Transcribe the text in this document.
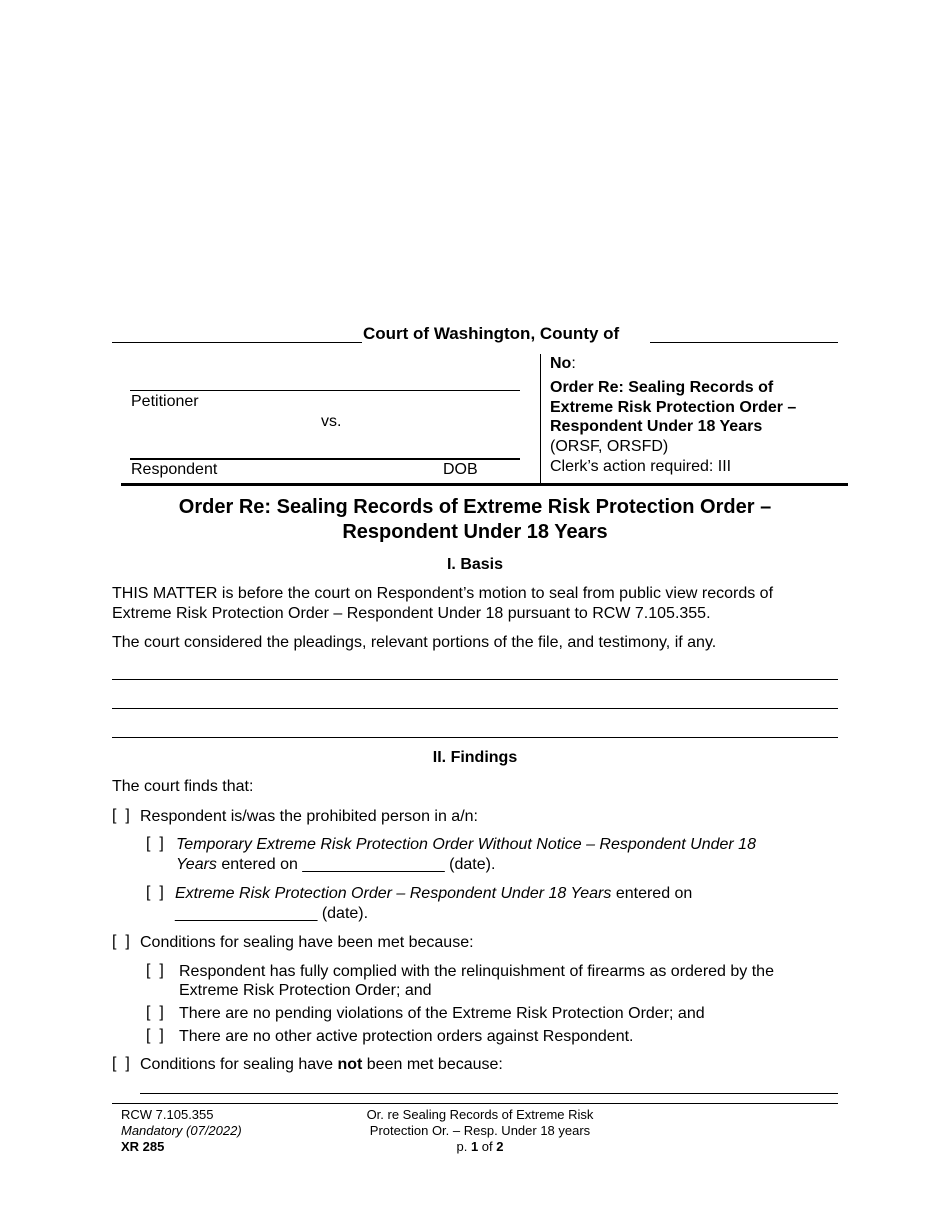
Court of Washington, County of
Petitioner
vs.
Respondent	DOB
No:
Order Re: Sealing Records of
Extreme Risk Protection Order –
Respondent Under 18 Years
(ORSF, ORSFD)
Clerk’s action required: III
Order Re: Sealing Records of Extreme Risk Protection Order –
Respondent Under 18 Years
I. Basis
THIS MATTER is before the court on Respondent’s motion to seal from public view records of
Extreme Risk Protection Order – Respondent Under 18 pursuant to RCW 7.105.355.
The court considered the pleadings, relevant portions of the file, and testimony, if any.
II. Findings
The court finds that:
[  ] Respondent is/was the prohibited person in a/n:
[  ] Temporary Extreme Risk Protection Order Without Notice – Respondent Under 18
Years entered on ________________ (date).
[  ] Extreme Risk Protection Order – Respondent Under 18 Years entered on
________________ (date).
[  ] Conditions for sealing have been met because:
[  ] Respondent has fully complied with the relinquishment of firearms as ordered by the
Extreme Risk Protection Order; and
[  ] There are no pending violations of the Extreme Risk Protection Order; and
[  ] There are no other active protection orders against Respondent.
[  ] Conditions for sealing have not been met because:
RCW 7.105.355
Mandatory (07/2022)
XR 285
Or. re Sealing Records of Extreme Risk
Protection Or. – Resp. Under 18 years
p. 1 of 2
